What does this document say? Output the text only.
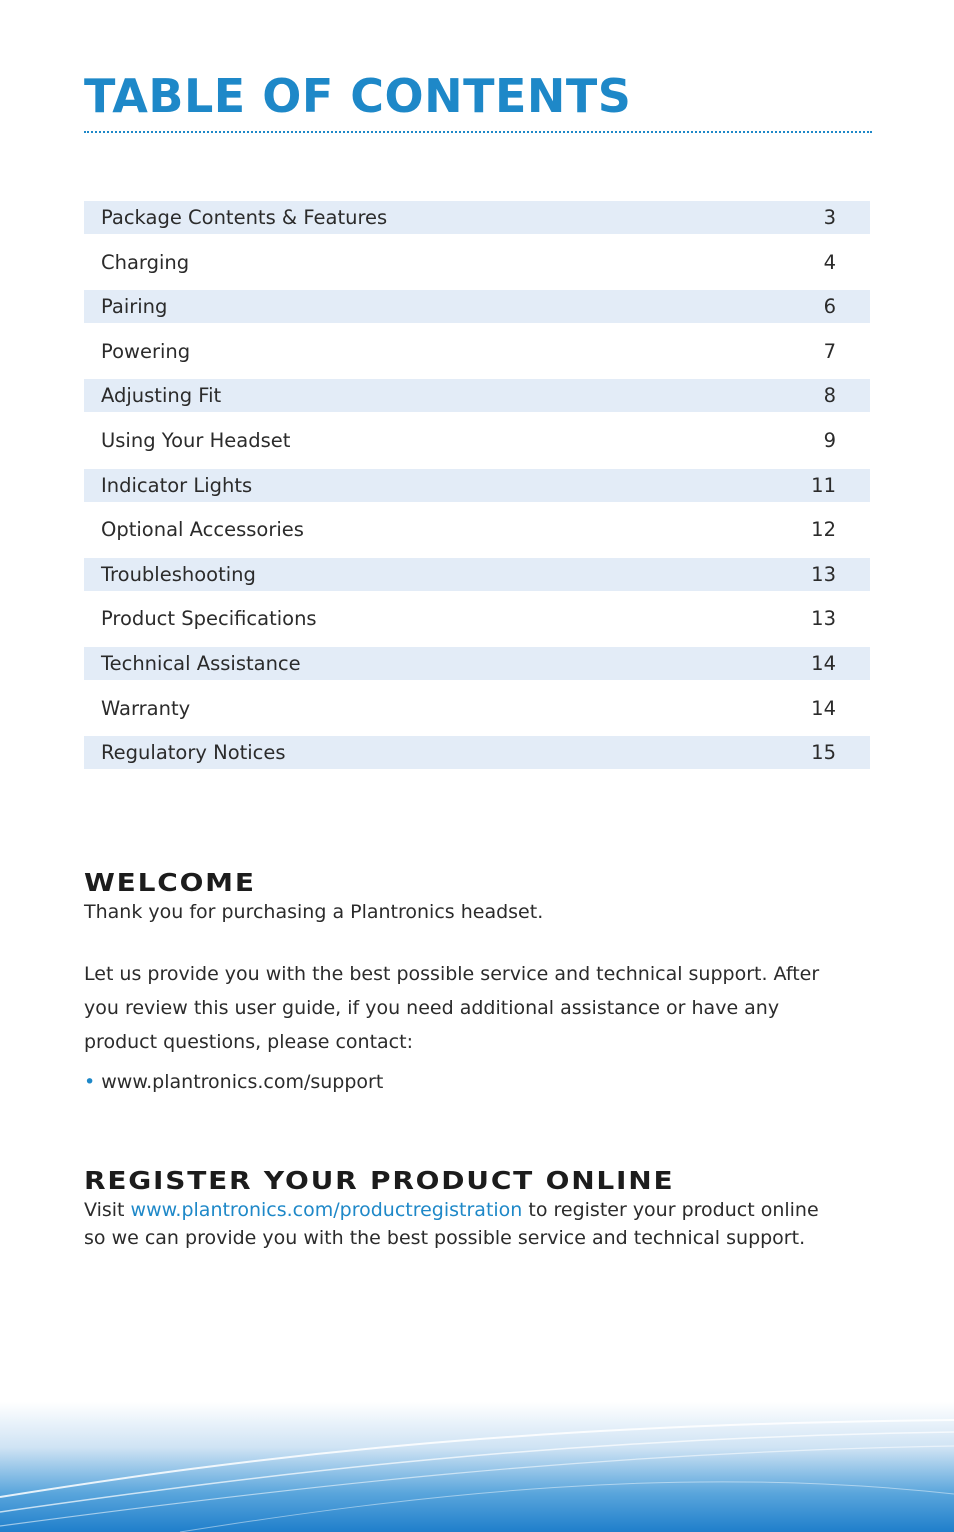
TABLE OF CONTENTS
Package Contents & Features	3
Charging	4
Pairing	6
Powering	7
Adjusting Fit	8
Using Your Headset	9
Indicator Lights	11
Optional Accessories	12
Troubleshooting	13
Product Specifications	13
Technical Assistance	14
Warranty	14
Regulatory Notices	15
WELCOME

Thank you for purchasing a Plantronics headset.

Let us provide you with the best possible service and technical support. After you review this user guide, if you need additional assistance or have any product questions, please contact:

• www.plantronics.com/support

REGISTER YOUR PRODUCT ONLINE

Visit www.plantronics.com/productregistration to register your product online so we can provide you with the best possible service and technical support.
